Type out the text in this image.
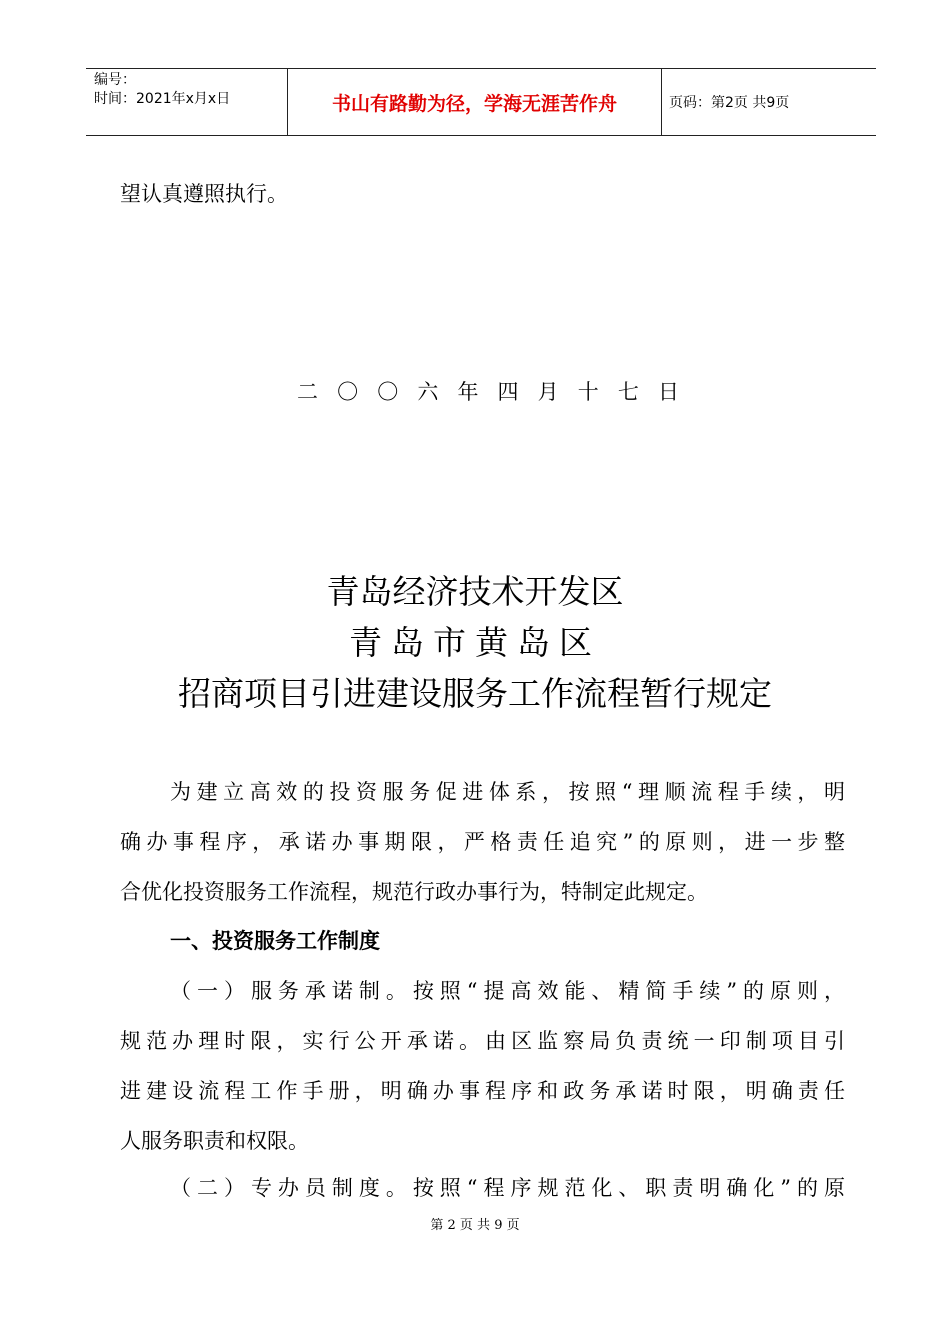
编号：
时间：2021年x月x日	书山有路勤为径，学海无涯苦作舟	页码：第2页 共9页
望认真遵照执行。
二〇〇六年四月十七日
青岛经济技术开发区
青岛市黄岛区
招商项目引进建设服务工作流程暂行规定
为建立高效的投资服务促进体系，按照“理顺流程手续，明
确办事程序，承诺办事期限，严格责任追究”的原则，进一步整
合优化投资服务工作流程，规范行政办事行为，特制定此规定。
一、投资服务工作制度
（一）服务承诺制。按照“提高效能、精简手续”的原则，
规范办理时限，实行公开承诺。由区监察局负责统一印制项目引
进建设流程工作手册，明确办事程序和政务承诺时限，明确责任
人服务职责和权限。
（二）专办员制度。按照“程序规范化、职责明确化”的原
第 2 页 共 9 页
